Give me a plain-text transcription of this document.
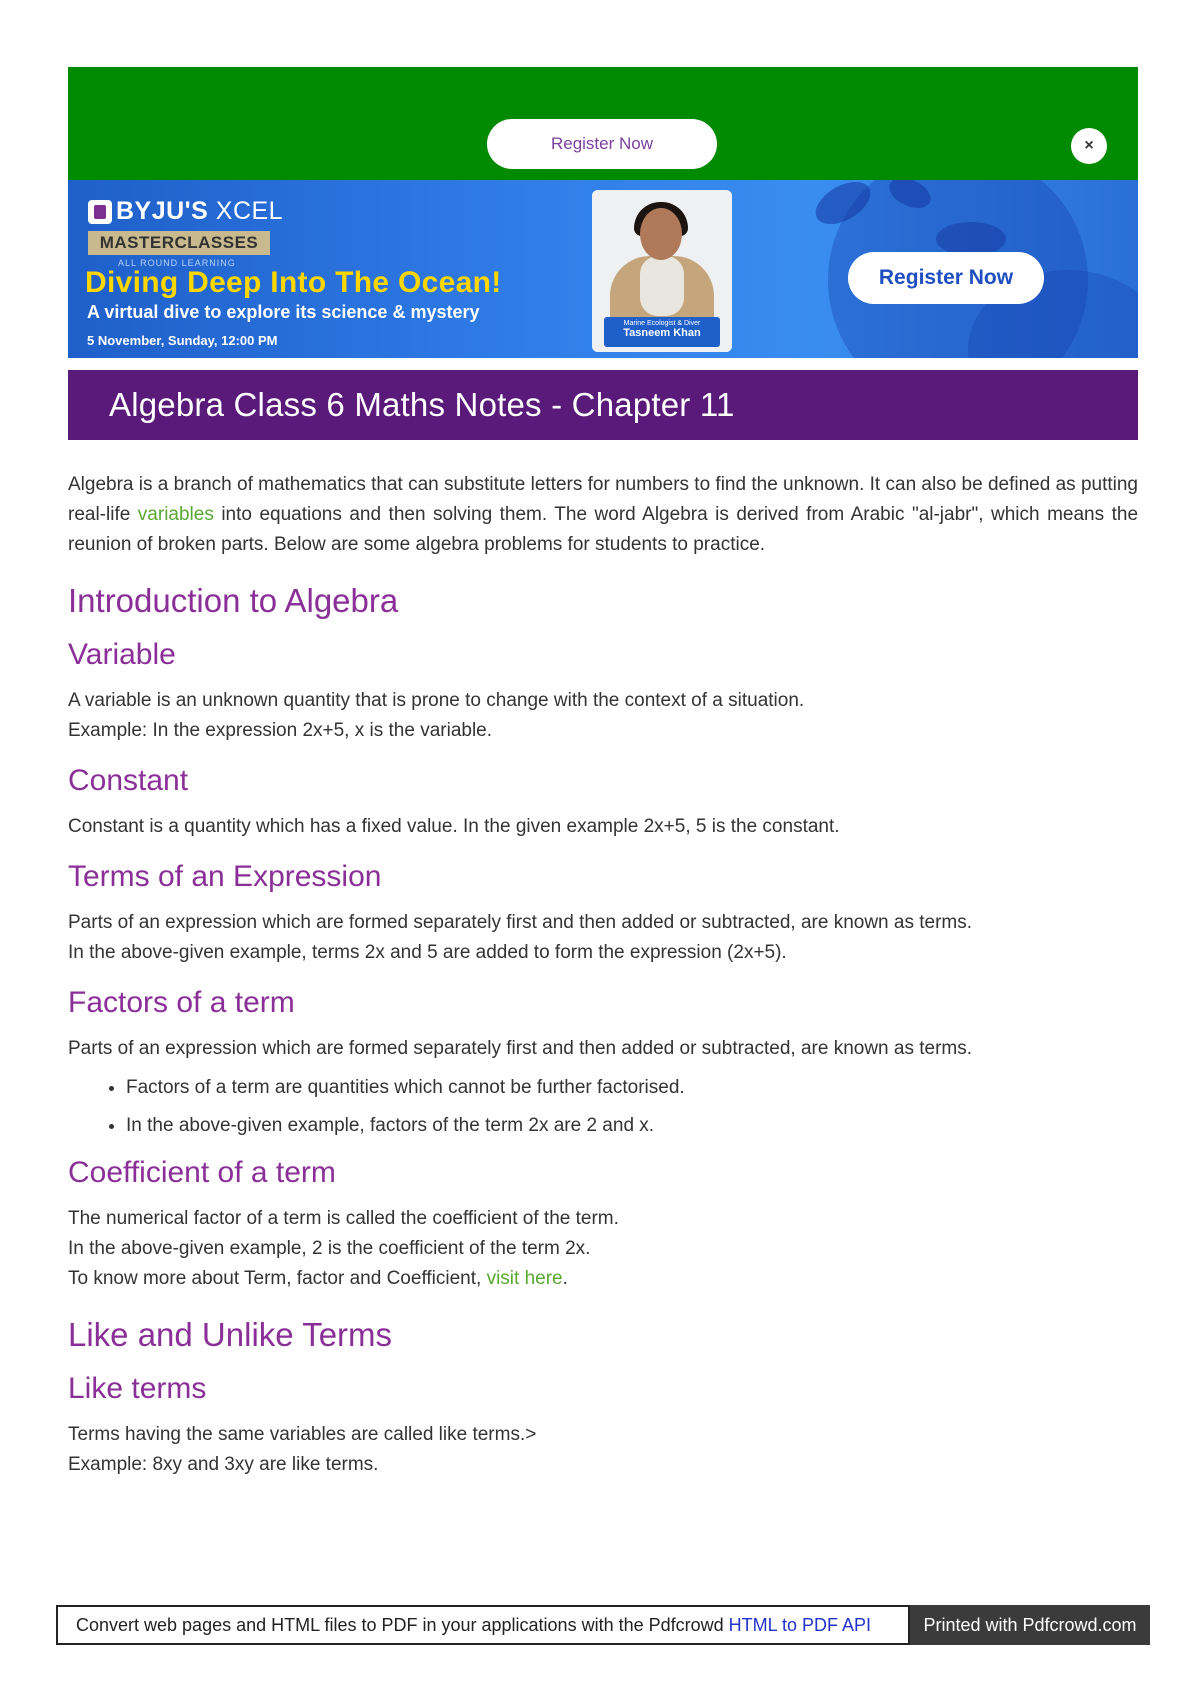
Register Now	×
BYJU'S XCEL
MASTERCLASSES
ALL ROUND LEARNING
Diving Deep Into The Ocean!
A virtual dive to explore its science & mystery
5 November, Sunday, 12:00 PM
Marine Ecologist & Diver
Tasneem Khan
Register Now
Algebra Class 6 Maths Notes - Chapter 11

Algebra is a branch of mathematics that can substitute letters for numbers to find the unknown. It can also be defined as putting real-life variables into equations and then solving them. The word Algebra is derived from Arabic "al-jabr", which means the reunion of broken parts. Below are some algebra problems for students to practice.

Introduction to Algebra
Variable

A variable is an unknown quantity that is prone to change with the context of a situation.
Example: In the expression 2x+5, x is the variable.

Constant

Constant is a quantity which has a fixed value. In the given example 2x+5, 5 is the constant.

Terms of an Expression

Parts of an expression which are formed separately first and then added or subtracted, are known as terms.
In the above-given example, terms 2x and 5 are added to form the expression (2x+5).

Factors of a term

Parts of an expression which are formed separately first and then added or subtracted, are known as terms.

• Factors of a term are quantities which cannot be further factorised.
• In the above-given example, factors of the term 2x are 2 and x.
Coefficient of a term

The numerical factor of a term is called the coefficient of the term.
In the above-given example, 2 is the coefficient of the term 2x.
To know more about Term, factor and Coefficient, visit here.

Like and Unlike Terms
Like terms

Terms having the same variables are called like terms.>
Example: 8xy and 3xy are like terms.

Convert web pages and HTML files to PDF in your applications with the Pdfcrowd HTML to PDF API	Printed with Pdfcrowd.com
